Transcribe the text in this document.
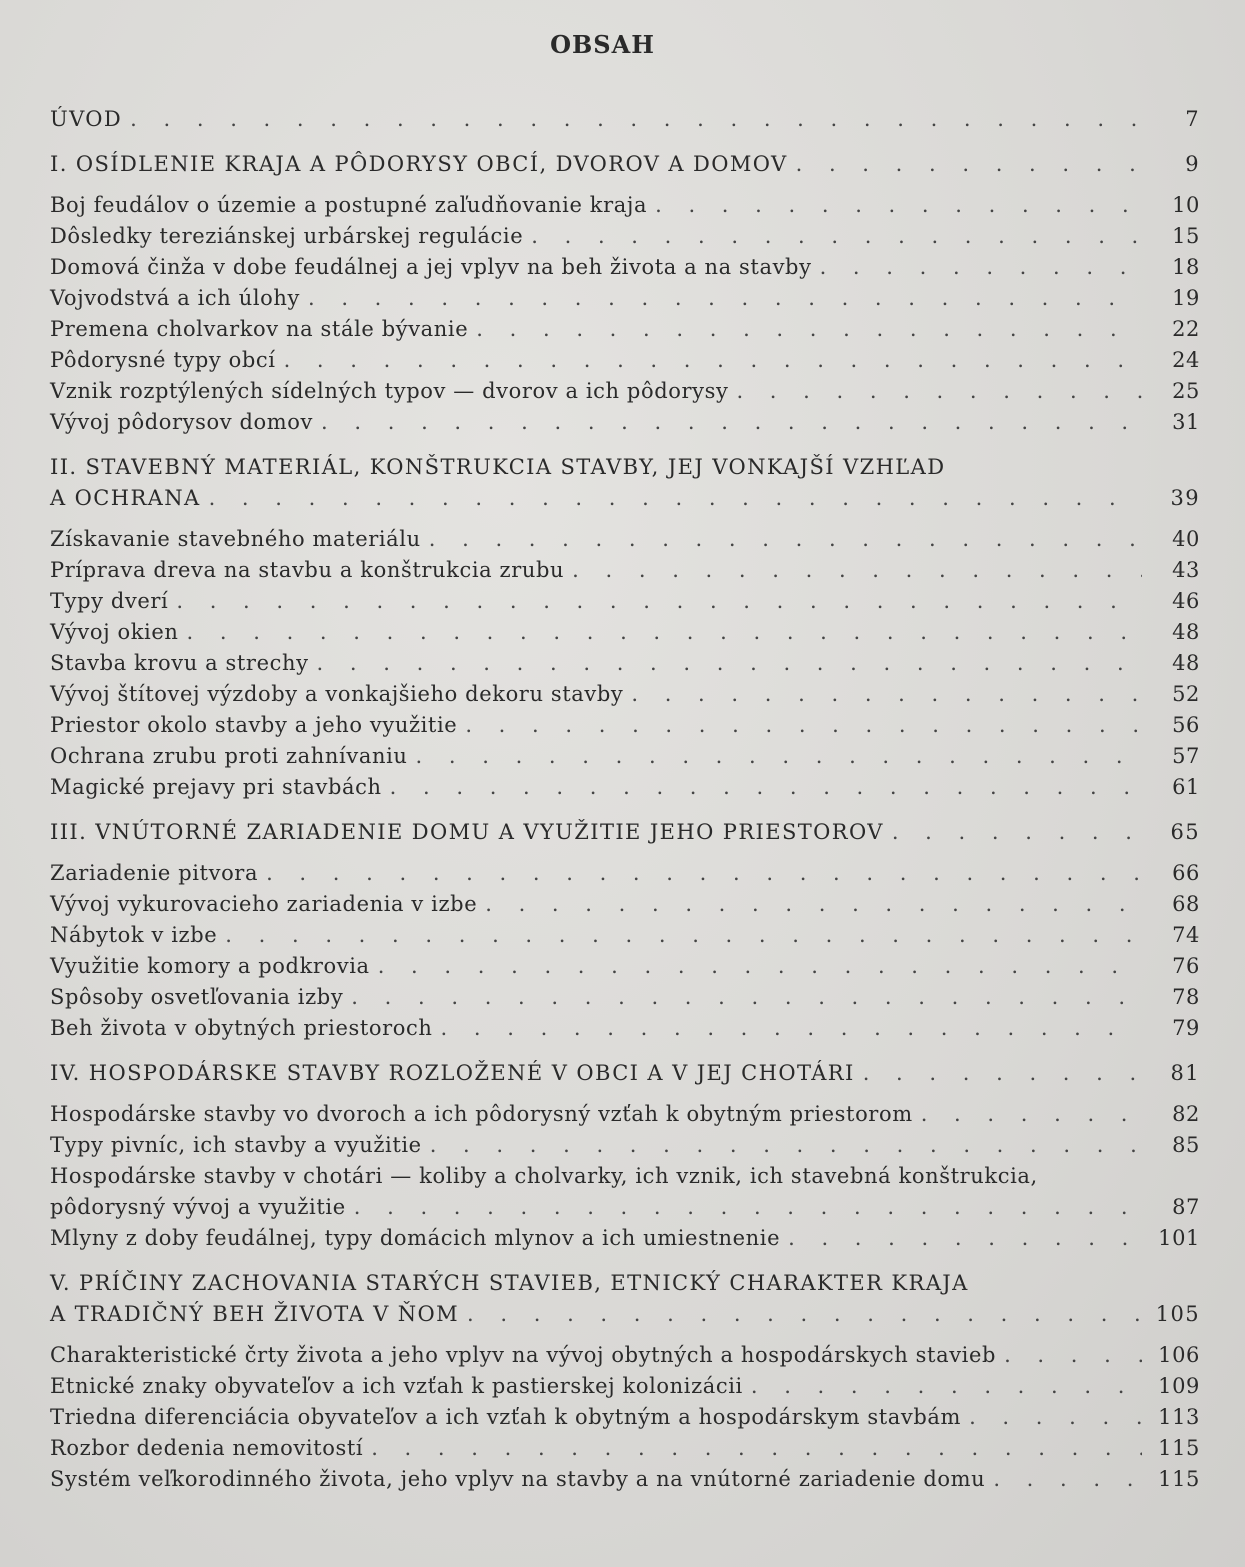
OBSAH
ÚVOD . . .	7
I. OSÍDLENIE KRAJA A PÔDORYSY OBCÍ, DVOROV A DOMOV . . .	9
Boj feudálov o územie a postupné zaľudňovanie kraja . . .	10
Dôsledky tereziánskej urbárskej regulácie . . .	15
Domová činža v dobe feudálnej a jej vplyv na beh života a na stavby . . .	18
Vojvodstvá a ich úlohy . . .	19
Premena cholvarkov na stále bývanie . . .	22
Pôdorysné typy obcí . . .	24
Vznik rozptýlených sídelných typov — dvorov a ich pôdorysy . . .	25
Vývoj pôdorysov domov . . .	31
II. STAVEBNÝ MATERIÁL, KONŠTRUKCIA STAVBY, JEJ VONKAJŠÍ VZHĽAD
A OCHRANA . . .	39
Získavanie stavebného materiálu . . .	40
Príprava dreva na stavbu a konštrukcia zrubu . . .	43
Typy dverí . . .	46
Vývoj okien . . .	48
Stavba krovu a strechy . . .	48
Vývoj štítovej výzdoby a vonkajšieho dekoru stavby . . .	52
Priestor okolo stavby a jeho využitie . . .	56
Ochrana zrubu proti zahnívaniu . . .	57
Magické prejavy pri stavbách . . .	61
III. VNÚTORNÉ ZARIADENIE DOMU A VYUŽITIE JEHO PRIESTOROV . . .	65
Zariadenie pitvora . . .	66
Vývoj vykurovacieho zariadenia v izbe . . .	68
Nábytok v izbe . . .	74
Využitie komory a podkrovia . . .	76
Spôsoby osvetľovania izby . . .	78
Beh života v obytných priestoroch . . .	79
IV. HOSPODÁRSKE STAVBY ROZLOŽENÉ V OBCI A V JEJ CHOTÁRI . . .	81
Hospodárske stavby vo dvoroch a ich pôdorysný vzťah k obytným priestorom . . .	82
Typy pivníc, ich stavby a využitie . . .	85
Hospodárske stavby v chotári — koliby a cholvarky, ich vznik, ich stavebná konštrukcia,
pôdorysný vývoj a využitie . . .	87
Mlyny z doby feudálnej, typy domácich mlynov a ich umiestnenie . . .	101
V. PRÍČINY ZACHOVANIA STARÝCH STAVIEB, ETNICKÝ CHARAKTER KRAJA
A TRADIČNÝ BEH ŽIVOTA V ŇOM . . .	105
Charakteristické črty života a jeho vplyv na vývoj obytných a hospodárskych stavieb . . .	106
Etnické znaky obyvateľov a ich vzťah k pastierskej kolonizácii . . .	109
Triedna diferenciácia obyvateľov a ich vzťah k obytným a hospodárskym stavbám . . .	113
Rozbor dedenia nemovitostí . . .	115
Systém veľkorodinného života, jeho vplyv na stavby a na vnútorné zariadenie domu . . .	115
